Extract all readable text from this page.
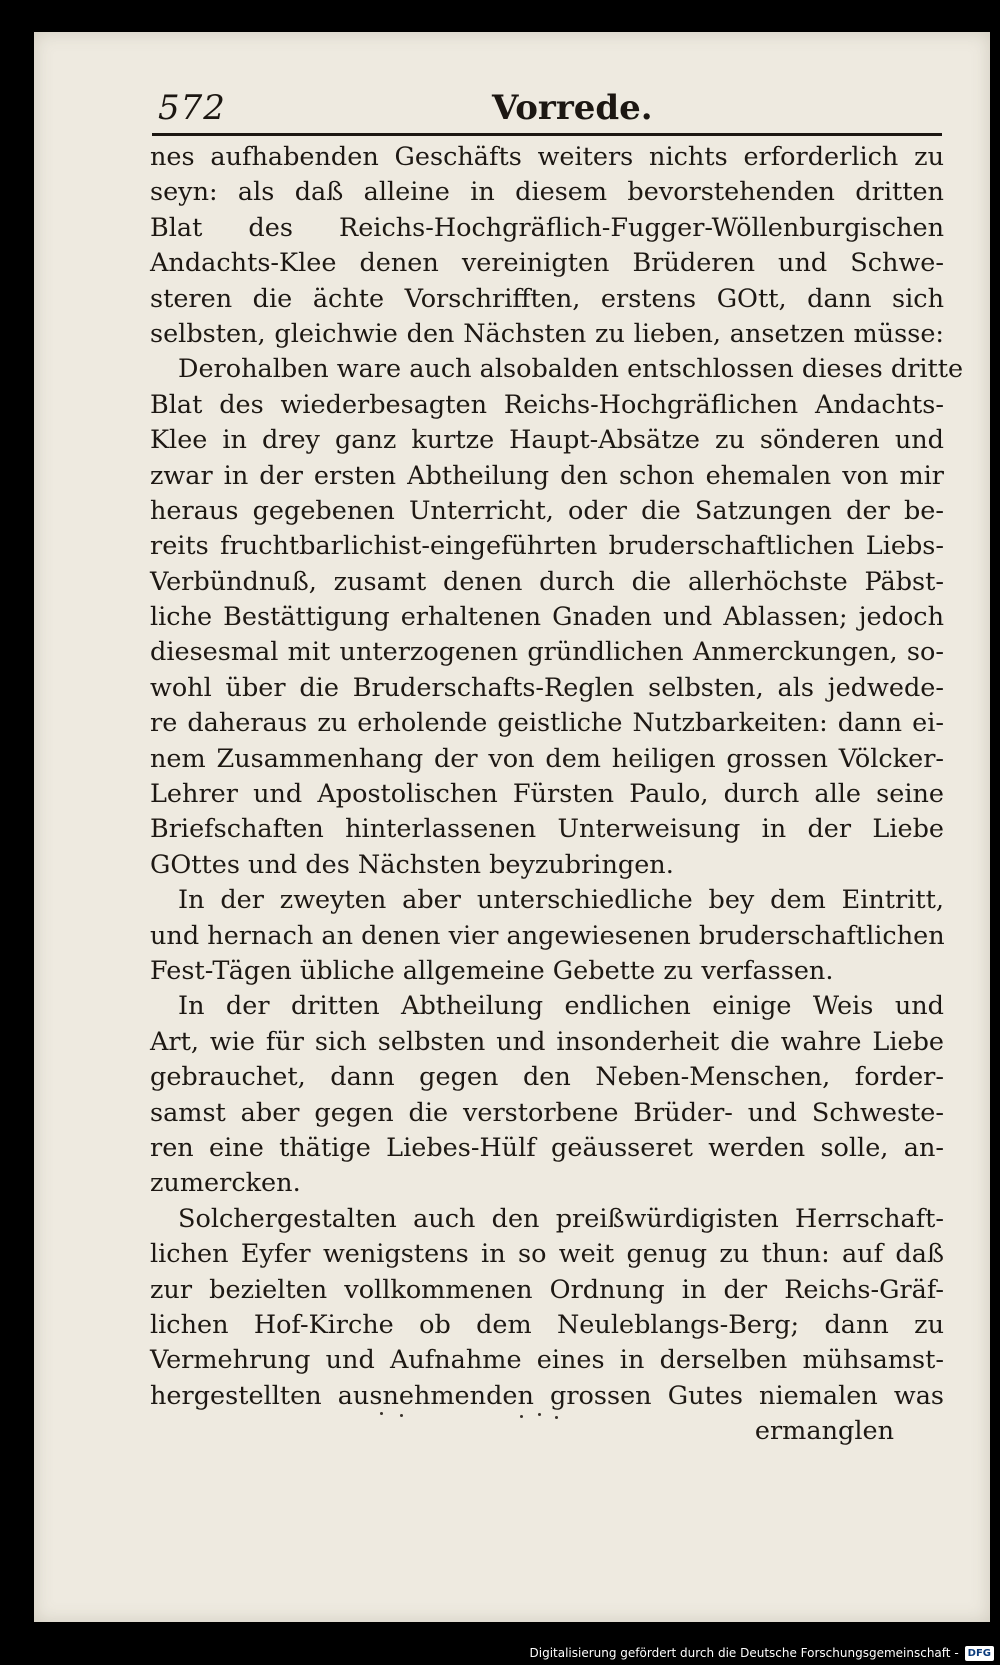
572	Vorrede.
nes aufhabenden Geschäfts weiters nichts erforderlich zu
seyn: als daß alleine in diesem bevorstehenden dritten
Blat des Reichs-Hochgräflich-Fugger-Wöllenburgischen
Andachts-Klee denen vereinigten Brüderen und Schwe-
steren die ächte Vorschrifften, erstens GOtt, dann sich
selbsten, gleichwie den Nächsten zu lieben, ansetzen müsse:
Derohalben ware auch alsobalden entschlossen dieses dritte
Blat des wiederbesagten Reichs-Hochgräflichen Andachts-
Klee in drey ganz kurtze Haupt-Absätze zu sönderen und
zwar in der ersten Abtheilung den schon ehemalen von mir
heraus gegebenen Unterricht, oder die Satzungen der be-
reits fruchtbarlichist-eingeführten bruderschaftlichen Liebs-
Verbündnuß, zusamt denen durch die allerhöchste Päbst-
liche Bestättigung erhaltenen Gnaden und Ablassen; jedoch
diesesmal mit unterzogenen gründlichen Anmerckungen, so-
wohl über die Bruderschafts-Reglen selbsten, als jedwede-
re daheraus zu erholende geistliche Nutzbarkeiten: dann ei-
nem Zusammenhang der von dem heiligen grossen Völcker-
Lehrer und Apostolischen Fürsten Paulo, durch alle seine
Briefschaften hinterlassenen Unterweisung in der Liebe
GOttes und des Nächsten beyzubringen.
In der zweyten aber unterschiedliche bey dem Eintritt,
und hernach an denen vier angewiesenen bruderschaftlichen
Fest-Tägen übliche allgemeine Gebette zu verfassen.
In der dritten Abtheilung endlichen einige Weis und
Art, wie für sich selbsten und insonderheit die wahre Liebe
gebrauchet, dann gegen den Neben-Menschen, forder-
samst aber gegen die verstorbene Brüder- und Schweste-
ren eine thätige Liebes-Hülf geäusseret werden solle, an-
zumercken.
Solchergestalten auch den preißwürdigisten Herrschaft-
lichen Eyfer wenigstens in so weit genug zu thun: auf daß
zur bezielten vollkommenen Ordnung in der Reichs-Gräf-
lichen Hof-Kirche ob dem Neuleblangs-Berg; dann zu
Vermehrung und Aufnahme eines in derselben mühsamst-
hergestellten ausnehmenden grossen Gutes niemalen was
ermanglen
Digitalisierung gefördert durch die Deutsche Forschungsgemeinschaft - DFG
